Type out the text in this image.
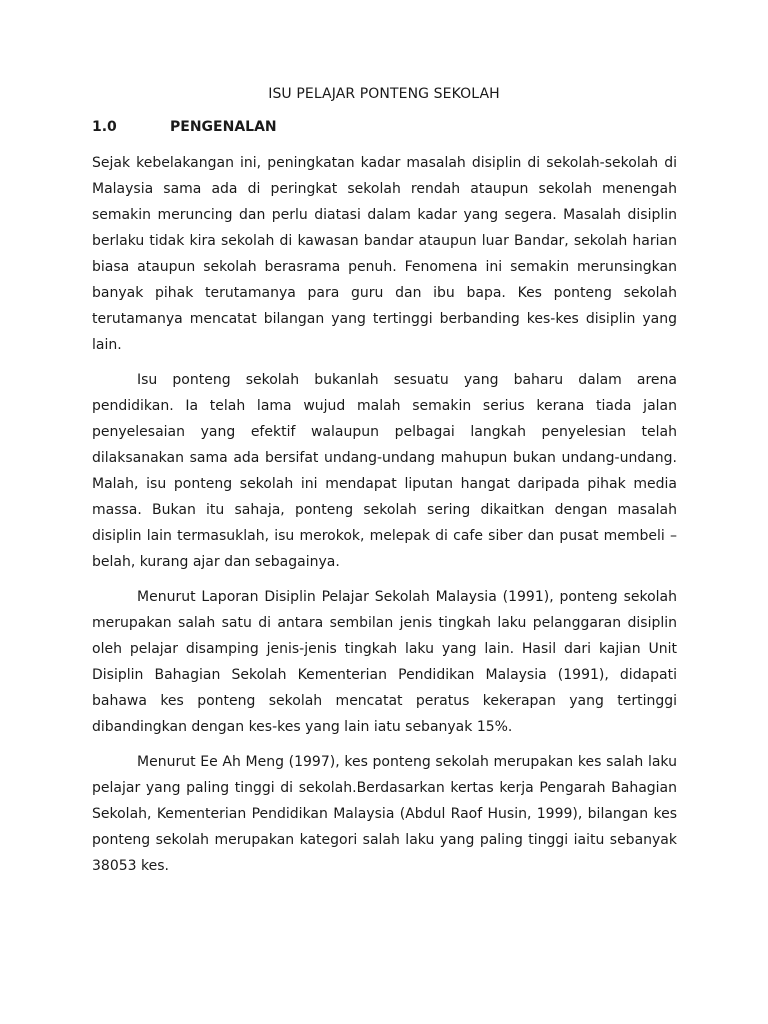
ISU PELAJAR PONTENG SEKOLAH
1.0	PENGENALAN

Sejak kebelakangan ini, peningkatan kadar masalah disiplin di sekolah-sekolah di Malaysia sama ada di peringkat sekolah rendah ataupun sekolah menengah semakin meruncing dan perlu diatasi dalam kadar yang segera. Masalah disiplin berlaku tidak kira sekolah di kawasan bandar ataupun luar Bandar, sekolah harian biasa ataupun sekolah berasrama penuh. Fenomena ini semakin merunsingkan banyak pihak terutamanya para guru dan ibu bapa. Kes ponteng sekolah terutamanya mencatat bilangan yang tertinggi berbanding kes-kes disiplin yang lain.

Isu ponteng sekolah bukanlah sesuatu yang baharu dalam arena pendidikan. Ia telah lama wujud malah semakin serius kerana tiada jalan penyelesaian yang efektif walaupun pelbagai langkah penyelesian telah dilaksanakan sama ada bersifat undang-undang mahupun bukan undang-undang. Malah, isu ponteng sekolah ini mendapat liputan hangat daripada pihak media massa. Bukan itu sahaja, ponteng sekolah sering dikaitkan dengan masalah disiplin lain termasuklah, isu merokok, melepak di cafe siber dan pusat membeli –belah, kurang ajar dan sebagainya.

Menurut Laporan Disiplin Pelajar Sekolah Malaysia (1991), ponteng sekolah merupakan salah satu di antara sembilan jenis tingkah laku pelanggaran disiplin oleh pelajar disamping jenis-jenis tingkah laku yang lain. Hasil dari kajian Unit Disiplin Bahagian Sekolah Kementerian Pendidikan Malaysia (1991), didapati bahawa kes ponteng sekolah mencatat peratus kekerapan yang tertinggi dibandingkan dengan kes-kes yang lain iatu sebanyak 15%.

Menurut Ee Ah Meng (1997), kes ponteng sekolah merupakan kes salah laku pelajar yang paling tinggi di sekolah.Berdasarkan kertas kerja Pengarah Bahagian Sekolah, Kementerian Pendidikan Malaysia (Abdul Raof Husin, 1999), bilangan kes ponteng sekolah merupakan kategori salah laku yang paling tinggi iaitu sebanyak 38053 kes.
